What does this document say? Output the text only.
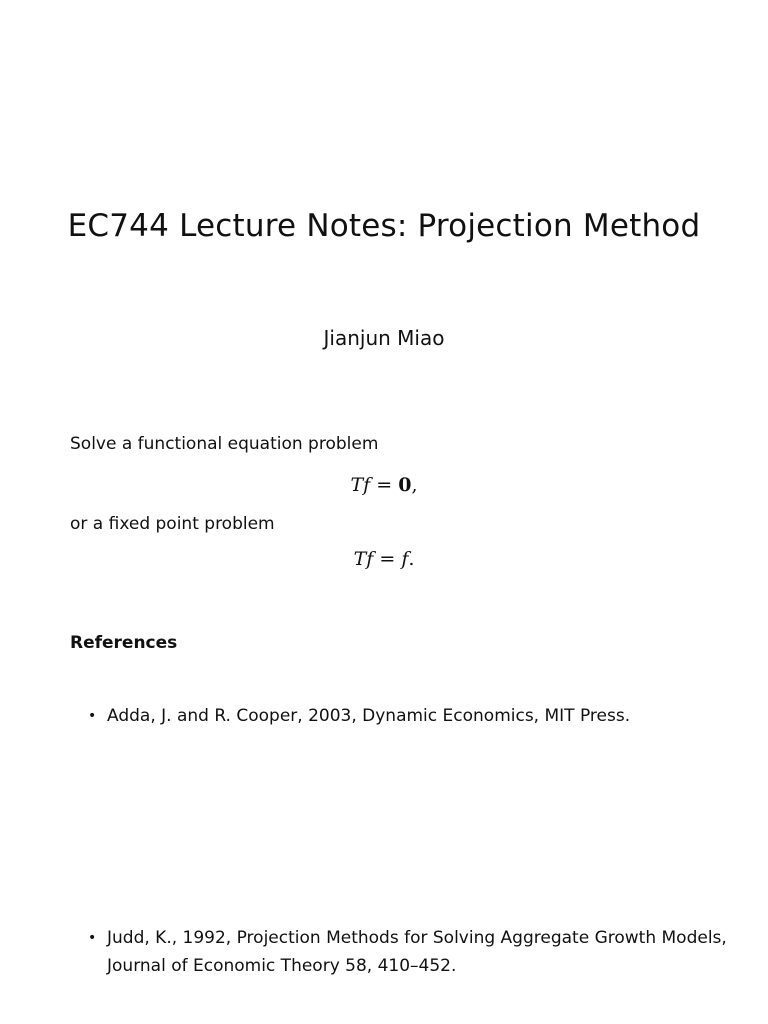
EC744 Lecture Notes: Projection Method

Jianjun Miao

Solve a functional equation problem

Tf = 0,

or a fixed point problem

Tf = f.

References
• Adda, J. and R. Cooper, 2003, Dynamic Economics, MIT Press.
• Judd, K., 1992, Projection Methods for Solving Aggregate Growth Models, Journal of Economic Theory 58, 410–452.
